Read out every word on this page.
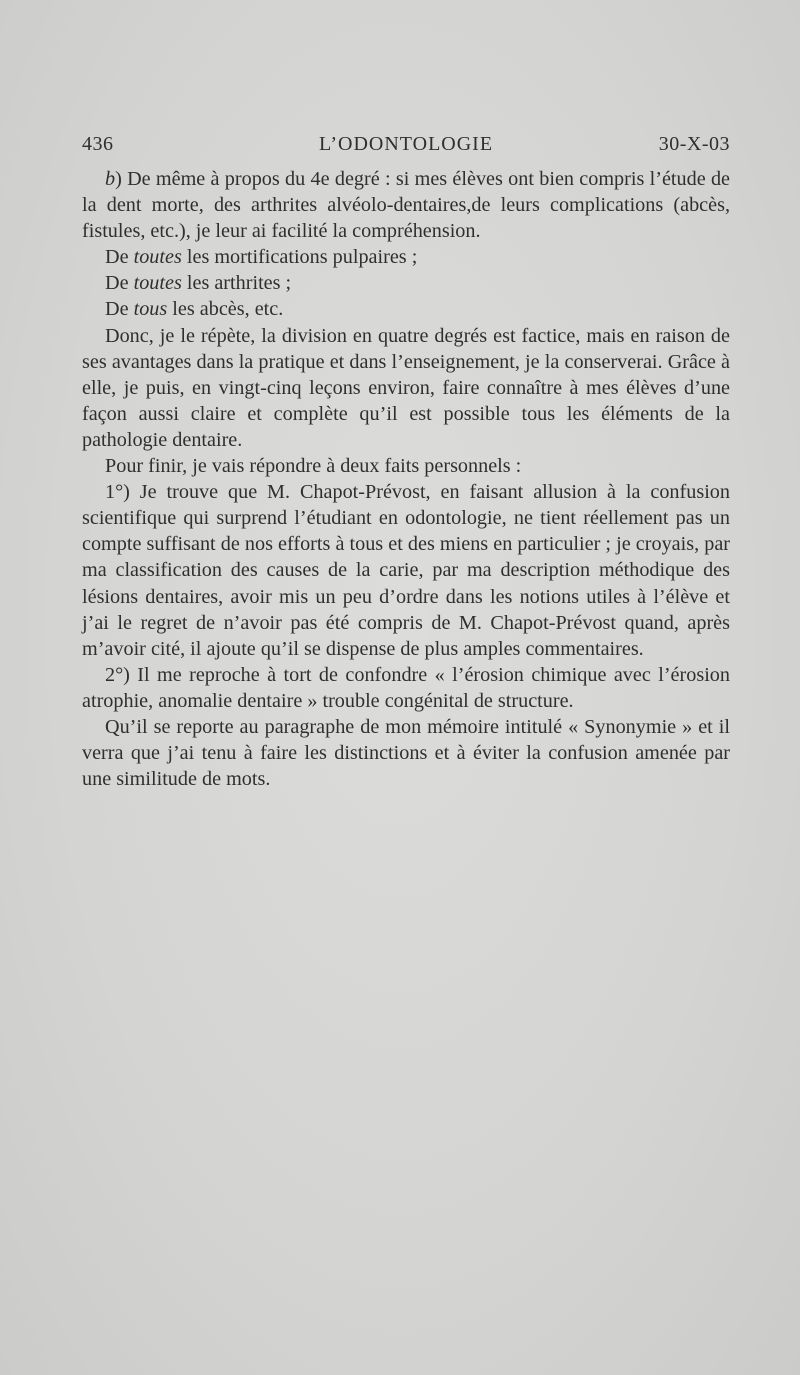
436	L’ODONTOLOGIE	30-X-03

b) De même à propos du 4e degré : si mes élèves ont bien compris l’étude de la dent morte, des arthrites alvéolo-dentaires,de leurs complications (abcès, fistules, etc.), je leur ai facilité la compréhension.

De toutes les mortifications pulpaires ;

De toutes les arthrites ;

De tous les abcès, etc.

Donc, je le répète, la division en quatre degrés est factice, mais en raison de ses avantages dans la pratique et dans l’enseignement, je la conserverai. Grâce à elle, je puis, en vingt-cinq leçons environ, faire connaître à mes élèves d’une façon aussi claire et complète qu’il est possible tous les éléments de la pathologie dentaire.

Pour finir, je vais répondre à deux faits personnels :

1°) Je trouve que M. Chapot-Prévost, en faisant allusion à la confusion scientifique qui surprend l’étudiant en odontologie, ne tient réellement pas un compte suffisant de nos efforts à tous et des miens en particulier ; je croyais, par ma classification des causes de la carie, par ma description méthodique des lésions dentaires, avoir mis un peu d’ordre dans les notions utiles à l’élève et j’ai le regret de n’avoir pas été compris de M. Chapot-Prévost quand, après m’avoir cité, il ajoute qu’il se dispense de plus amples commentaires.

2°) Il me reproche à tort de confondre « l’érosion chimique avec l’érosion atrophie, anomalie dentaire » trouble congénital de structure.

Qu’il se reporte au paragraphe de mon mémoire intitulé « Synonymie » et il verra que j’ai tenu à faire les distinctions et à éviter la confusion amenée par une similitude de mots.
